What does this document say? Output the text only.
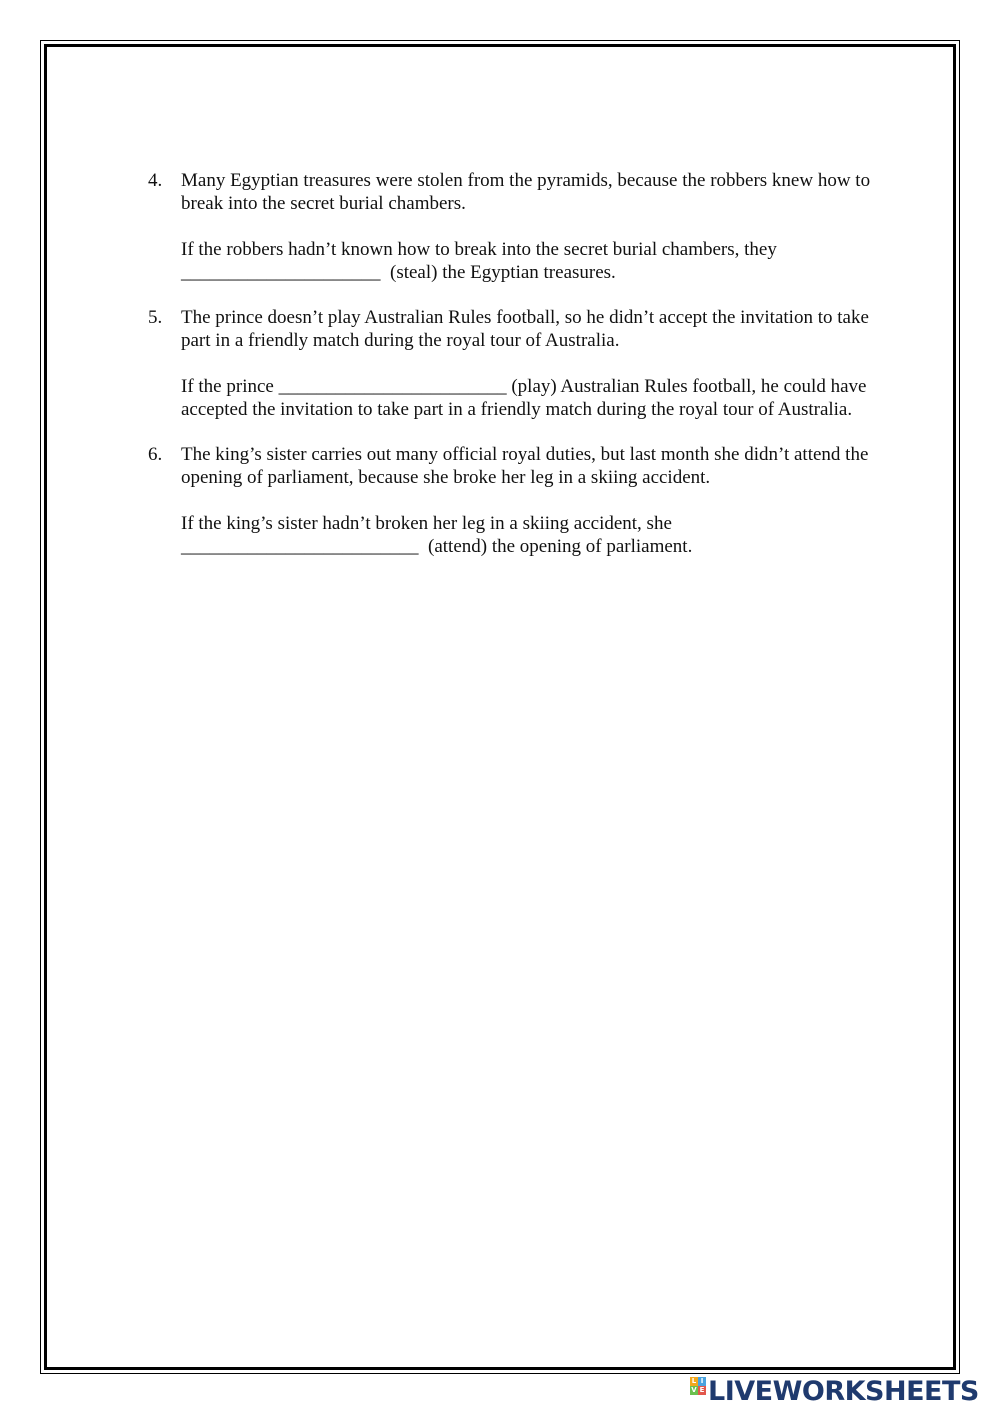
4. Many Egyptian treasures were stolen from the pyramids, because the robbers knew how to break into the secret burial chambers.

If the robbers hadn’t known how to break into the secret burial chambers, they
_____________________  (steal) the Egyptian treasures.

5. The prince doesn’t play Australian Rules football, so he didn’t accept the invitation to take part in a friendly match during the royal tour of Australia.

If the prince ________________________ (play) Australian Rules football, he could have accepted the invitation to take part in a friendly match during the royal tour of Australia.

6. The king’s sister carries out many official royal duties, but last month she didn’t attend the opening of parliament, because she broke her leg in a skiing accident.

If the king’s sister hadn’t broken her leg in a skiing accident, she
_________________________  (attend) the opening of parliament.

L I
V E LIVEWORKSHEETS
